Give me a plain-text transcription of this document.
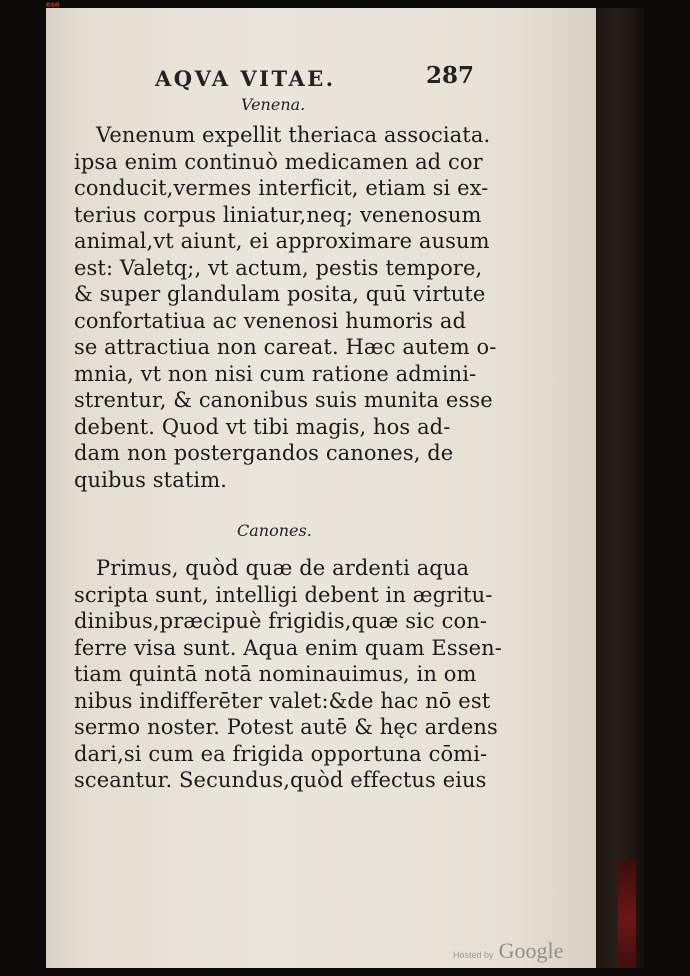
ese
AQVA VITAE.	287
Venena.
Venenum expellit theriaca associata.
ipsa enim continuò medicamen ad cor
conducit,vermes interficit, etiam si ex-
terius corpus liniatur,neq; venenosum
animal,vt aiunt, ei approximare ausum
est: Valetq;, vt actum, pestis tempore,
& super glandulam posita, quū virtute
confortatiua ac venenosi humoris ad
se attractiua non careat. Hæc autem o-
mnia, vt non nisi cum ratione admini-
strentur, & canonibus suis munita esse
debent. Quod vt tibi magis, hos ad-
dam non postergandos canones, de
quibus statim.
Canones.
Primus, quòd quæ de ardenti aqua
scripta sunt, intelligi debent in ægritu-
dinibus,præcipuè frigidis,quæ sic con-
ferre visa sunt. Aqua enim quam Essen-
tiam quintā notā nominauimus, in om
nibus indifferēter valet:&de hac nō est
sermo noster. Potest autē & hęc ardens
dari,si cum ea frigida opportuna cōmi-
sceantur. Secundus,quòd effectus eius
Hosted by Google
